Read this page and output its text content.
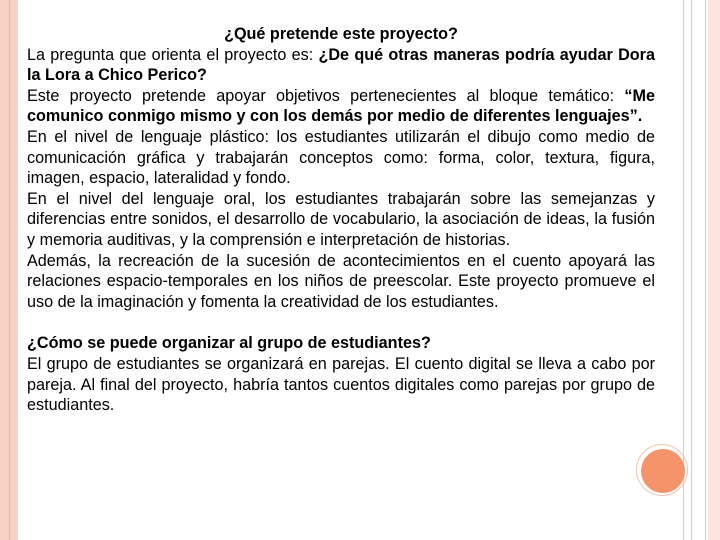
¿Qué pretende este proyecto?

La pregunta que orienta el proyecto es: ¿De qué otras maneras podría ayudar Dora la Lora a Chico Perico?

Este proyecto pretende apoyar objetivos pertenecientes al bloque temático: “Me comunico conmigo mismo y con los demás por medio de diferentes lenguajes”.

En el nivel de lenguaje plástico: los estudiantes utilizarán el dibujo como medio de comunicación gráfica y trabajarán conceptos como: forma, color, textura, figura, imagen, espacio, lateralidad y fondo.

En el nivel del lenguaje oral, los estudiantes trabajarán sobre las semejanzas y diferencias entre sonidos, el desarrollo de vocabulario, la asociación de ideas, la fusión y memoria auditivas, y la comprensión e interpretación de historias.

Además, la recreación de la sucesión de acontecimientos en el cuento apoyará las relaciones espacio-temporales en los niños de preescolar. Este proyecto promueve el uso de la imaginación y fomenta la creatividad de los estudiantes.

¿Cómo se puede organizar al grupo de estudiantes?

El grupo de estudiantes se organizará en parejas. El cuento digital se lleva a cabo por pareja. Al final del proyecto, habría tantos cuentos digitales como parejas por grupo de estudiantes.
